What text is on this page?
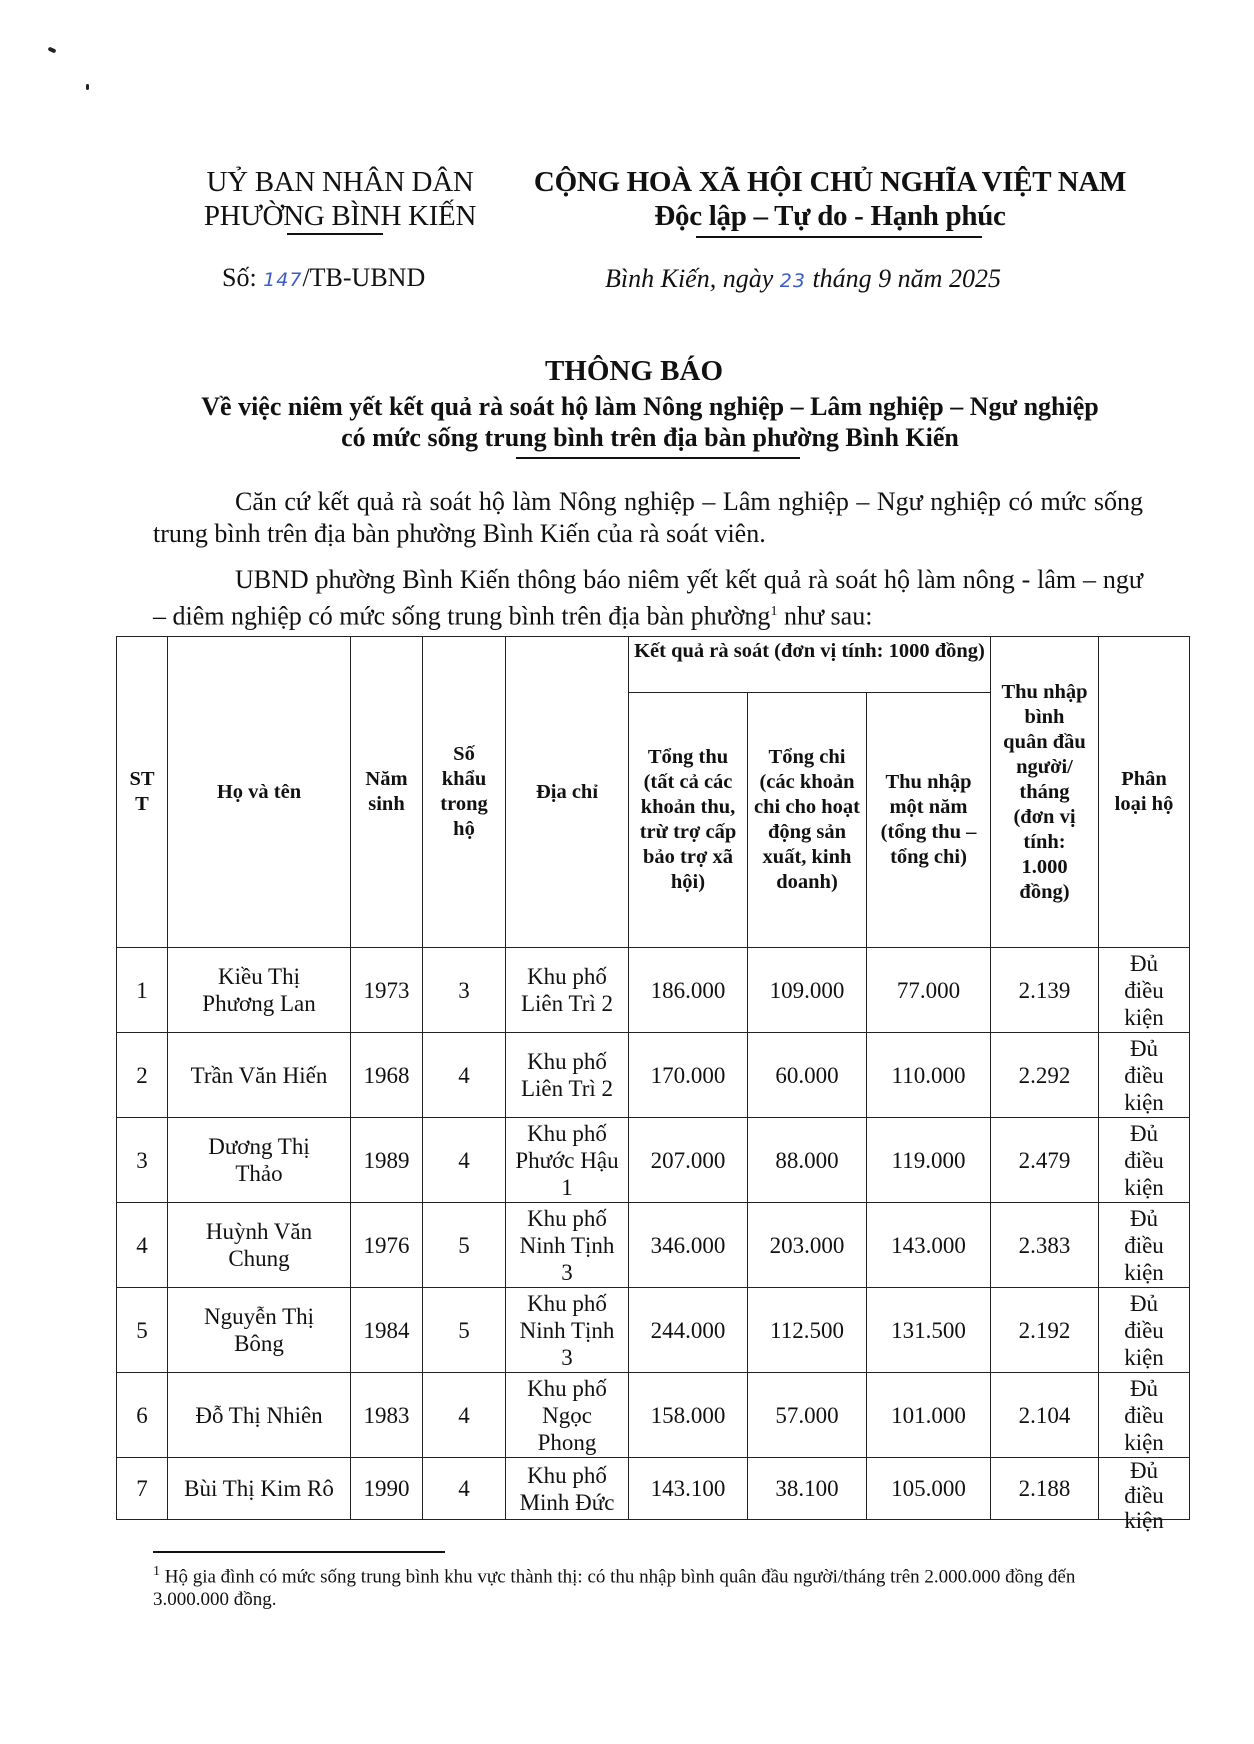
UỶ BAN NHÂN DÂN
PHƯỜNG BÌNH KIẾN
CỘNG HOÀ XÃ HỘI CHỦ NGHĨA VIỆT NAM
Độc lập – Tự do - Hạnh phúc
Số: 147/TB-UBND	Bình Kiến, ngày 23 tháng 9 năm 2025
THÔNG BÁO
Về việc niêm yết kết quả rà soát hộ làm Nông nghiệp – Lâm nghiệp – Ngư nghiệp
có mức sống trung bình trên địa bàn phường Bình Kiến
Căn cứ kết quả rà soát hộ làm Nông nghiệp – Lâm nghiệp – Ngư nghiệp có mức sống trung bình trên địa bàn phường Bình Kiến của rà soát viên.
UBND phường Bình Kiến thông báo niêm yết kết quả rà soát hộ làm nông - lâm – ngư – diêm nghiệp có mức sống trung bình trên địa bàn phường$^1$ như sau:
STT	Họ và tên	Năm sinh	Số khẩu trong hộ	Địa chỉ	Kết quả rà soát (đơn vị tính: 1000 đồng)			Thu nhập bình quân đầu người/ tháng (đơn vị tính: 1.000 đồng)	Phân loại hộ
					Tổng thu (tất cả các khoản thu, trừ trợ cấp bảo trợ xã hội)	Tổng chi (các khoản chi cho hoạt động sản xuất, kinh doanh)	Thu nhập một năm (tổng thu – tổng chi)		

1	Kiều Thị Phương Lan	1973	3	Khu phố Liên Trì 2	186.000	109.000	77.000	2.139	Đủ điều kiện

2	Trần Văn Hiến	1968	4	Khu phố Liên Trì 2	170.000	60.000	110.000	2.292	Đủ điều kiện

3	Dương Thị Thảo	1989	4	Khu phố Phước Hậu 1	207.000	88.000	119.000	2.479	Đủ điều kiện

4	Huỳnh Văn Chung	1976	5	Khu phố Ninh Tịnh 3	346.000	203.000	143.000	2.383	Đủ điều kiện

5	Nguyễn Thị Bông	1984	5	Khu phố Ninh Tịnh 3	244.000	112.500	131.500	2.192	Đủ điều kiện

6	Đỗ Thị Nhiên	1983	4	Khu phố Ngọc Phong	158.000	57.000	101.000	2.104	Đủ điều kiện

7	Bùi Thị Kim Rô	1990	4	Khu phố Minh Đức	143.100	38.100	105.000	2.188	Đủ điều kiện
$^1$ Hộ gia đình có mức sống trung bình khu vực thành thị: có thu nhập bình quân đầu người/tháng trên 2.000.000 đồng đến 3.000.000 đồng.
